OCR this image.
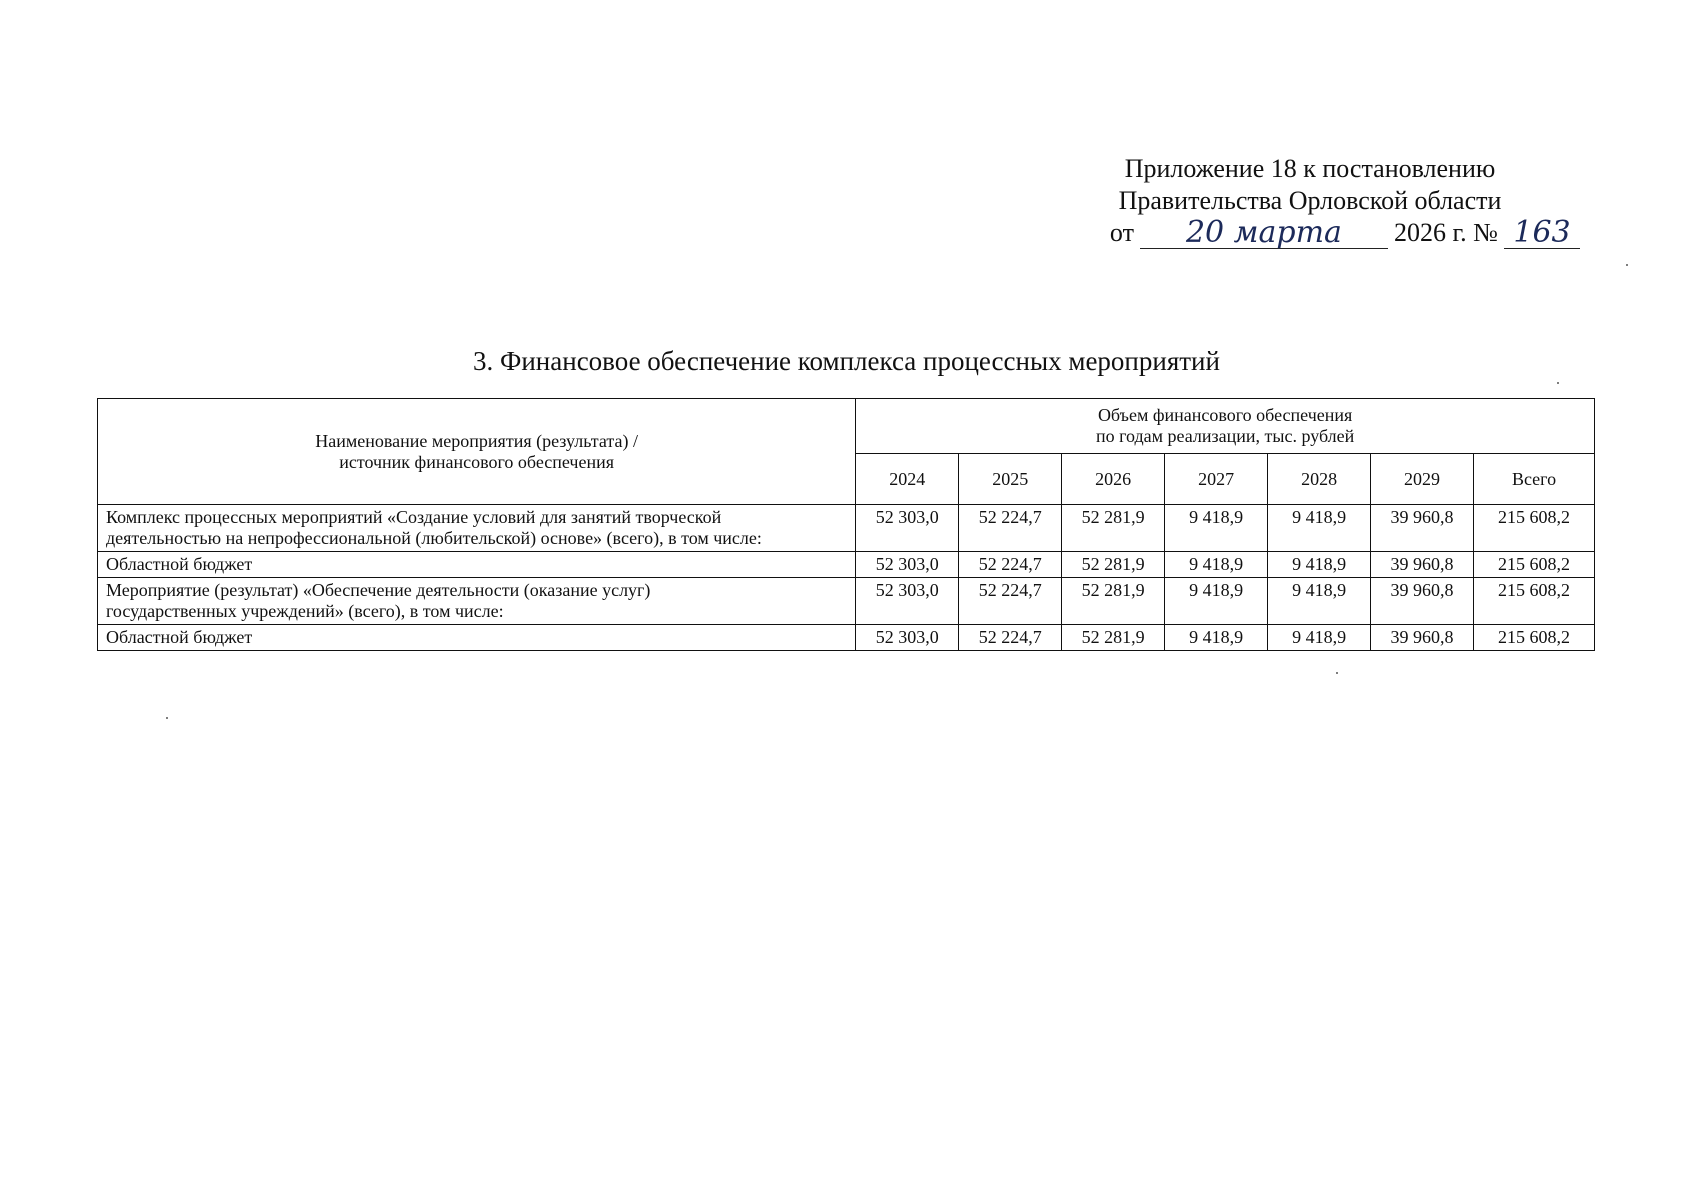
Приложение 18 к постановлению
Правительства Орловской области
от	20 марта	2026 г. № 163
3. Финансовое обеспечение комплекса процессных мероприятий
Наименование мероприятия (результата) /
источник финансового обеспечения	Объем финансового обеспечения
по годам реализации, тыс. рублей						

	2024	2025	2026	2027	2028	2029	Всего

Комплекс процессных мероприятий «Создание условий для занятий творческой
деятельностью на непрофессиональной (любительской) основе» (всего), в том числе:	52 303,0	52 224,7	52 281,9	9 418,9	9 418,9	39 960,8	215 608,2

Областной бюджет	52 303,0	52 224,7	52 281,9	9 418,9	9 418,9	39 960,8	215 608,2

Мероприятие (результат) «Обеспечение деятельности (оказание услуг)
государственных учреждений» (всего), в том числе:	52 303,0	52 224,7	52 281,9	9 418,9	9 418,9	39 960,8	215 608,2

Областной бюджет	52 303,0	52 224,7	52 281,9	9 418,9	9 418,9	39 960,8	215 608,2
